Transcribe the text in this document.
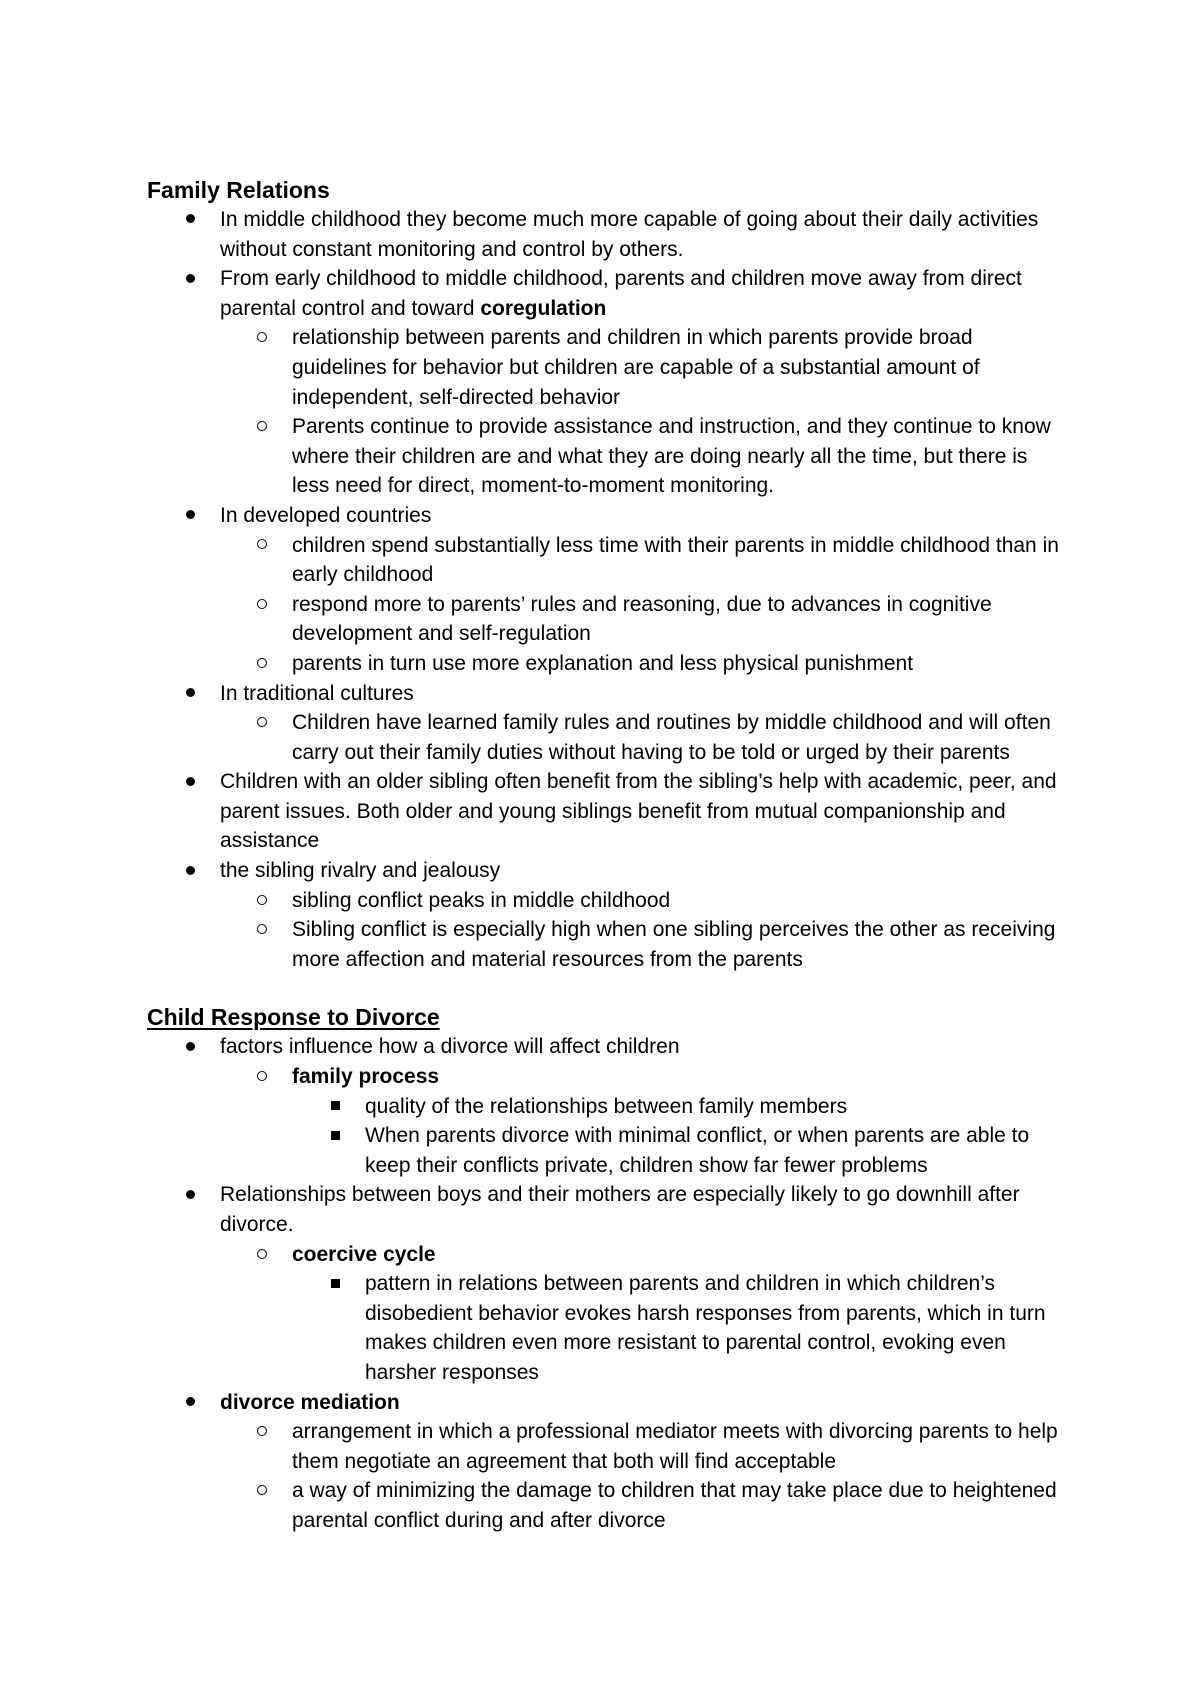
Family Relations
In middle childhood they become much more capable of going about their daily activities without constant monitoring and control by others.
From early childhood to middle childhood, parents and children move away from direct parental control and toward coregulation
relationship between parents and children in which parents provide broad guidelines for behavior but children are capable of a substantial amount of independent, self-directed behavior
Parents continue to provide assistance and instruction, and they continue to know where their children are and what they are doing nearly all the time, but there is less need for direct, moment-to-moment monitoring.
In developed countries
children spend substantially less time with their parents in middle childhood than in early childhood
respond more to parents’ rules and reasoning, due to advances in cognitive development and self-regulation
parents in turn use more explanation and less physical punishment
In traditional cultures
Children have learned family rules and routines by middle childhood and will often carry out their family duties without having to be told or urged by their parents
Children with an older sibling often benefit from the sibling’s help with academic, peer, and parent issues. Both older and young siblings benefit from mutual companionship and assistance
the sibling rivalry and jealousy
sibling conflict peaks in middle childhood
Sibling conflict is especially high when one sibling perceives the other as receiving more affection and material resources from the parents
Child Response to Divorce
factors influence how a divorce will affect children
family process
quality of the relationships between family members
When parents divorce with minimal conflict, or when parents are able to keep their conflicts private, children show far fewer problems
Relationships between boys and their mothers are especially likely to go downhill after divorce.
coercive cycle
pattern in relations between parents and children in which children’s disobedient behavior evokes harsh responses from parents, which in turn makes children even more resistant to parental control, evoking even harsher responses
divorce mediation
arrangement in which a professional mediator meets with divorcing parents to help them negotiate an agreement that both will find acceptable
a way of minimizing the damage to children that may take place due to heightened parental conflict during and after divorce
